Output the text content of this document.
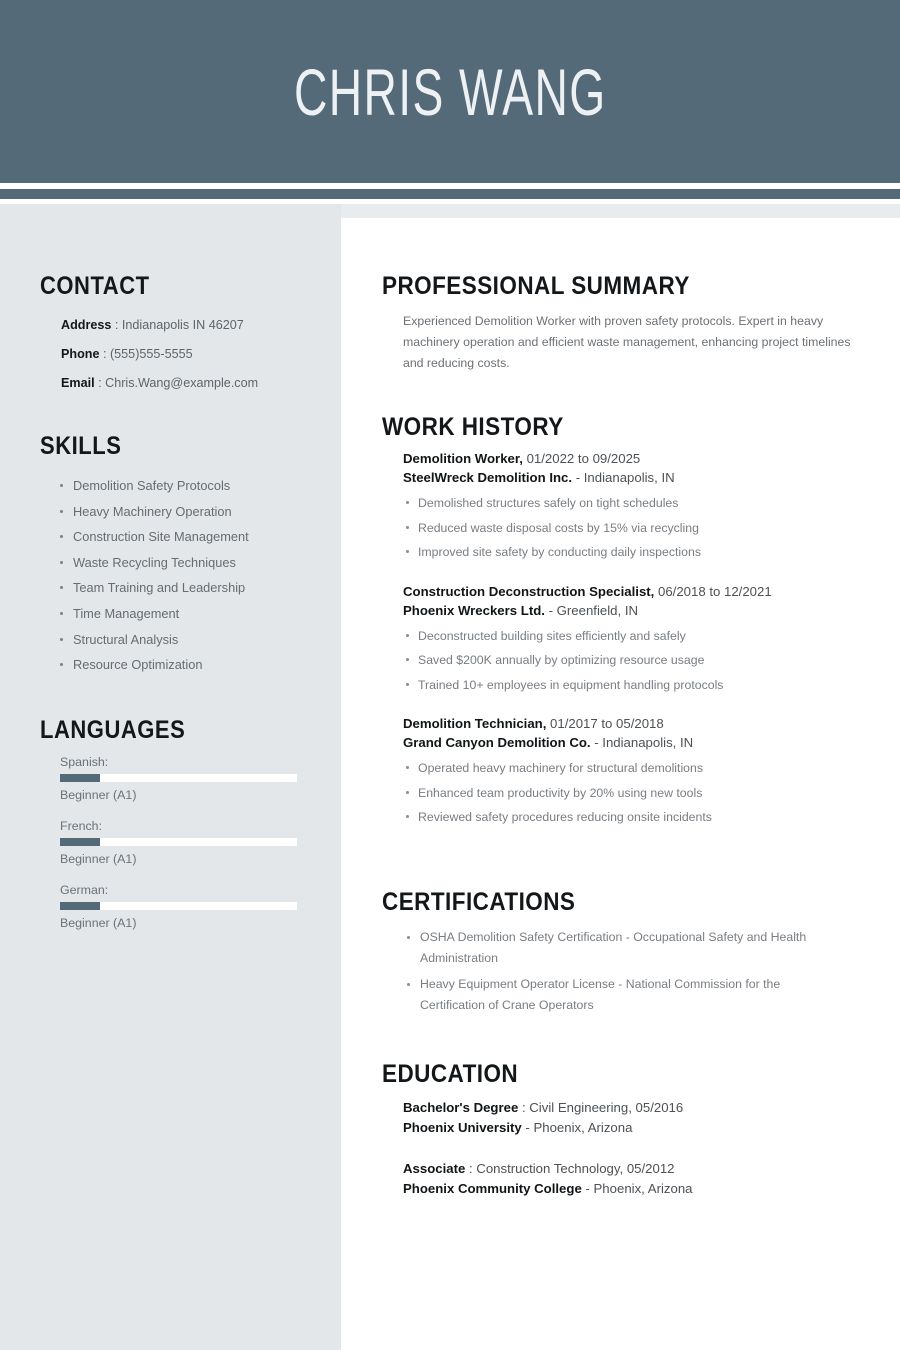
CHRIS WANG
CONTACT
Address : Indianapolis IN 46207
Phone : (555)555-5555
Email : Chris.Wang@example.com
SKILLS
Demolition Safety Protocols
Heavy Machinery Operation
Construction Site Management
Waste Recycling Techniques
Team Training and Leadership
Time Management
Structural Analysis
Resource Optimization
LANGUAGES
Spanish:
Beginner (A1)
French:
Beginner (A1)
German:
Beginner (A1)
PROFESSIONAL SUMMARY
Experienced Demolition Worker with proven safety protocols. Expert in heavy machinery operation and efficient waste management, enhancing project timelines and reducing costs.
WORK HISTORY
Demolition Worker, 01/2022 to 09/2025
SteelWreck Demolition Inc. - Indianapolis, IN
Demolished structures safely on tight schedules
Reduced waste disposal costs by 15% via recycling
Improved site safety by conducting daily inspections
Construction Deconstruction Specialist, 06/2018 to 12/2021
Phoenix Wreckers Ltd. - Greenfield, IN
Deconstructed building sites efficiently and safely
Saved $200K annually by optimizing resource usage
Trained 10+ employees in equipment handling protocols
Demolition Technician, 01/2017 to 05/2018
Grand Canyon Demolition Co. - Indianapolis, IN
Operated heavy machinery for structural demolitions
Enhanced team productivity by 20% using new tools
Reviewed safety procedures reducing onsite incidents
CERTIFICATIONS
OSHA Demolition Safety Certification - Occupational Safety and Health Administration
Heavy Equipment Operator License - National Commission for the Certification of Crane Operators
EDUCATION
Bachelor's Degree : Civil Engineering, 05/2016
Phoenix University - Phoenix, Arizona
Associate : Construction Technology, 05/2012
Phoenix Community College - Phoenix, Arizona
